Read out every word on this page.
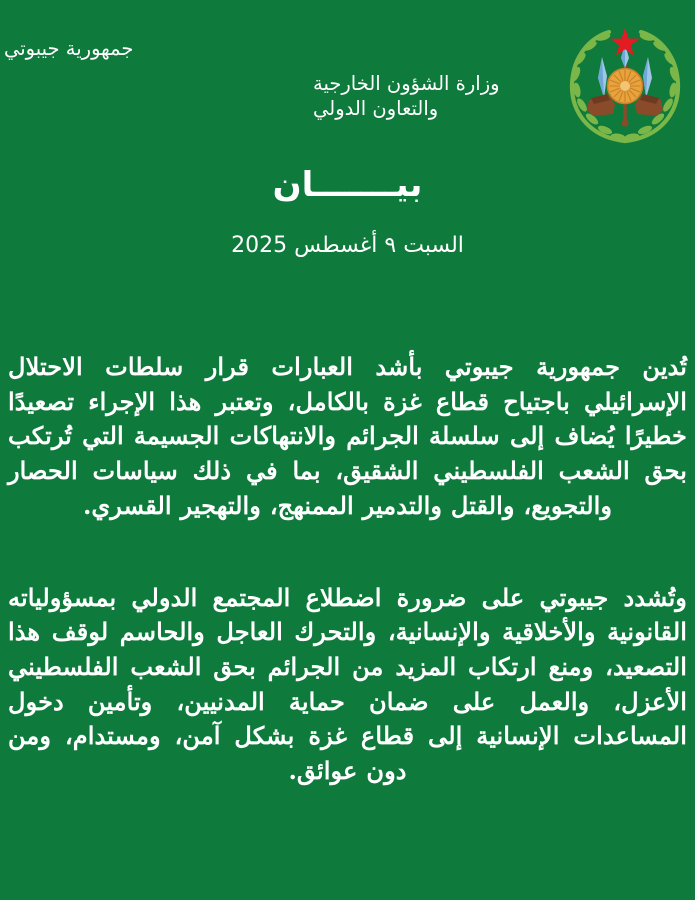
جمهورية جيبوتي
وزارة الشؤون الخارجية والتعاون الدولي
بيـــــــان
السبت ٩ أغسطس 2025

تُدين جمهورية جيبوتي بأشد العبارات قرار سلطات الاحتلال الإسرائيلي باجتياح قطاع غزة بالكامل، وتعتبر هذا الإجراء تصعيدًا خطيرًا يُضاف إلى سلسلة الجرائم والانتهاكات الجسيمة التي تُرتكب بحق الشعب الفلسطيني الشقيق، بما في ذلك سياسات الحصار والتجويع، والقتل والتدمير الممنهج، والتهجير القسري.

وتُشدد جيبوتي على ضرورة اضطلاع المجتمع الدولي بمسؤولياته القانونية والأخلاقية والإنسانية، والتحرك العاجل والحاسم لوقف هذا التصعيد، ومنع ارتكاب المزيد من الجرائم بحق الشعب الفلسطيني الأعزل، والعمل على ضمان حماية المدنيين، وتأمين دخول المساعدات الإنسانية إلى قطاع غزة بشكل آمن، ومستدام، ومن دون عوائق.
